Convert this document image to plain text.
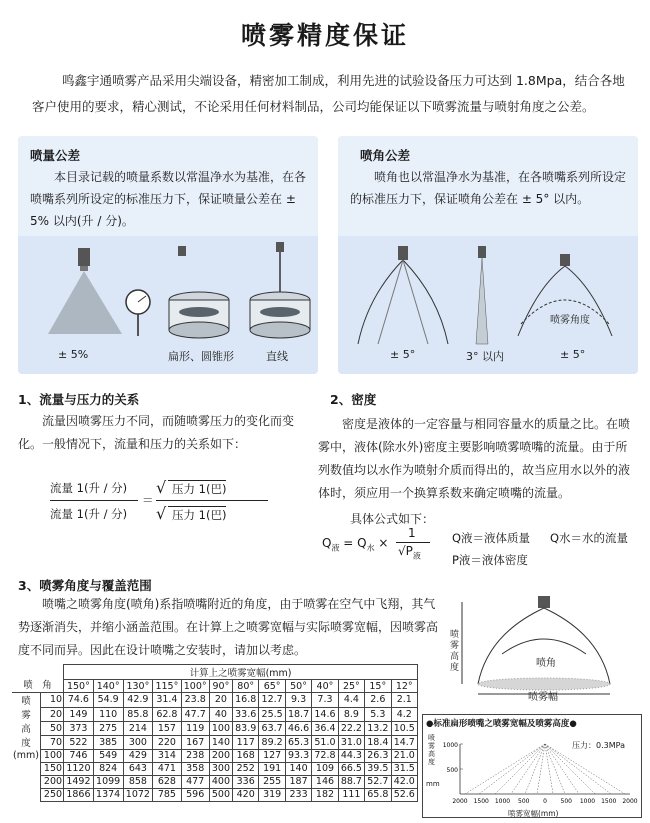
喷雾精度保证
鸣鑫宇通喷雾产品采用尖端设备，精密加工制成，利用先进的试验设备压力可达到 1.8Mpa，结合各地客户使用的要求，精心测试，不论采用任何材料制品，公司均能保证以下喷雾流量与喷射角度之公差。
喷量公差
本目录记载的喷量系数以常温净水为基准，在各喷嘴系列所设定的标准压力下，保证喷量公差在 ± 5% 以内(升 / 分)。
± 5%	扁形、圆锥形	直线
喷角公差
喷角也以常温净水为基准，在各喷嘴系列所设定的标准压力下，保证喷角公差在 ± 5° 以内。
喷雾角度
± 5°	3° 以内	± 5°
1、流量与压力的关系
流量因喷雾压力不同，而随喷雾压力的变化而变化。一般情况下，流量和压力的关系如下：
流量 1(升 / 分)
流量 1(升 / 分)
＝
压力 1(巴)
√
压力 1(巴)
√
2、密度
密度是液体的一定容量与相同容量水的质量之比。在喷雾中，液体(除水外)密度主要影响喷雾喷嘴的流量。由于所列数值均以水作为喷射介质而得出的，故当应用水以外的液体时，须应用一个换算系数来确定喷嘴的流量。
具体公式如下：
$Q_液 = Q_水$ ×
1
$√P_液$
Q液＝液体质量 Q水＝水的流量
P液＝液体密度
3、喷雾角度与覆盖范围
喷嘴之喷雾角度(喷角)系指喷嘴附近的角度，由于喷雾在空气中飞翔，其气势逐渐消失，并缩小涵盖范围。在计算上之喷雾宽幅与实际喷雾宽幅，因喷雾高度不同而异。因此在设计喷嘴之安装时，请加以考虑。
喷雾高度	喷角
喷雾幅
喷　角		计算上之喷雾宽幅(mm)												
		150°	140°	130°	115°	100°	90°	80°	65°	50°	40°	25°	15°	12°
喷	10	74.6	54.9	42.9	31.4	23.8	20	16.8	12.7	9.3	7.3	4.4	2.6	2.1
雾	20	149	110	85.8	62.8	47.7	40	33.6	25.5	18.7	14.6	8.9	5.3	4.2
高	50	373	275	214	157	119	100	83.9	63.7	46.6	36.4	22.2	13.2	10.5
度	70	522	385	300	220	167	140	117	89.2	65.3	51.0	31.0	18.4	14.7
(mm)	100	746	549	429	314	238	200	168	127	93.3	72.8	44.3	26.3	21.0
	150	1120	824	643	471	358	300	252	191	140	109	66.5	39.5	31.5
	200	1492	1099	858	628	477	400	336	255	187	146	88.7	52.7	42.0
	250	1866	1374	1072	785	596	500	420	319	233	182	111	65.8	52.6
●标准扁形喷嘴之喷雾宽幅及喷雾高度●
喷雾高度
mm
压力：0.3MPa
500
1000
2000 1500 1000 500 0 500 1000 1500 2000
喷雾宽幅(mm)
